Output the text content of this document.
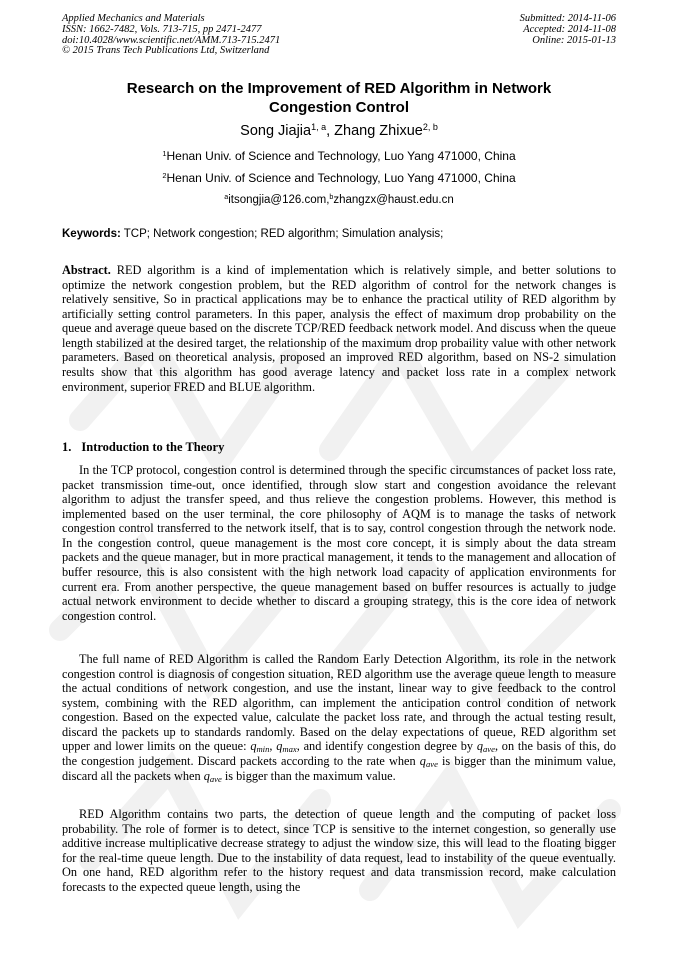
Applied Mechanics and Materials
ISSN: 1662-7482, Vols. 713-715, pp 2471-2477
doi:10.4028/www.scientific.net/AMM.713-715.2471
© 2015 Trans Tech Publications Ltd, Switzerland
Submitted: 2014-11-06
Accepted: 2014-11-08
Online: 2015-01-13
Research on the Improvement of RED Algorithm in Network
Congestion Control
Song Jiajia$^{1, a}$, Zhang Zhixue$^{2, b}$
$^1$Henan Univ. of Science and Technology, Luo Yang 471000, China
$^2$Henan Univ. of Science and Technology, Luo Yang 471000, China
$^a$itsongjia@126.com,$^b$zhangzx@haust.edu.cn
Keywords: TCP; Network congestion; RED algorithm; Simulation analysis;
Abstract. RED algorithm is a kind of implementation which is relatively simple, and better solutions to optimize the network congestion problem, but the RED algorithm of control for the network changes is relatively sensitive, So in practical applications may be to enhance the practical utility of RED algorithm by artificially setting control parameters. In this paper, analysis the effect of maximum drop probability on the queue and average queue based on the discrete TCP/RED feedback network model. And discuss when the queue length stabilized at the desired target, the relationship of the maximum drop probaility value with other network parameters. Based on theoretical analysis, proposed an improved RED algorithm, based on NS-2 simulation results show that this algorithm has good average latency and packet loss rate in a complex network environment, superior FRED and BLUE algorithm.
1. Introduction to the Theory
In the TCP protocol, congestion control is determined through the specific circumstances of packet loss rate, packet transmission time-out, once identified, through slow start and congestion avoidance the relevant algorithm to adjust the transfer speed, and thus relieve the congestion problems. However, this method is implemented based on the user terminal, the core philosophy of AQM is to manage the tasks of network congestion control transferred to the network itself, that is to say, control congestion through the network node. In the congestion control, queue management is the most core concept, it is simply about the data stream packets and the queue manager, but in more practical management, it tends to the management and allocation of buffer resource, this is also consistent with the high network load capacity of application environments for current era. From another perspective, the queue management based on buffer resources is actually to judge actual network environment to decide whether to discard a grouping strategy, this is the core idea of network congestion control.
The full name of RED Algorithm is called the Random Early Detection Algorithm, its role in the network congestion control is diagnosis of congestion situation, RED algorithm use the average queue length to measure the actual conditions of network congestion, and use the instant, linear way to give feedback to the control system, combining with the RED algorithm, can implement the anticipation control condition of network congestion. Based on the expected value, calculate the packet loss rate, and through the actual testing result, discard the packets up to standards randomly. Based on the delay expectations of queue, RED algorithm set upper and lower limits on the queue: $q_{min}$, $q_{max}$, and identify congestion degree by $q_{ave}$, on the basis of this, do the congestion judgement. Discard packets according to the rate when $q_{ave}$ is bigger than the minimum value, discard all the packets when $q_{ave}$ is bigger than the maximum value.
RED Algorithm contains two parts, the detection of queue length and the computing of packet loss probability. The role of former is to detect, since TCP is sensitive to the internet congestion, so generally use additive increase multiplicative decrease strategy to adjust the window size, this will lead to the floating bigger for the real-time queue length. Due to the instability of data request, lead to instability of the queue eventually. On one hand, RED algorithm refer to the history request and data transmission record, make calculation forecasts to the expected queue length, using the
